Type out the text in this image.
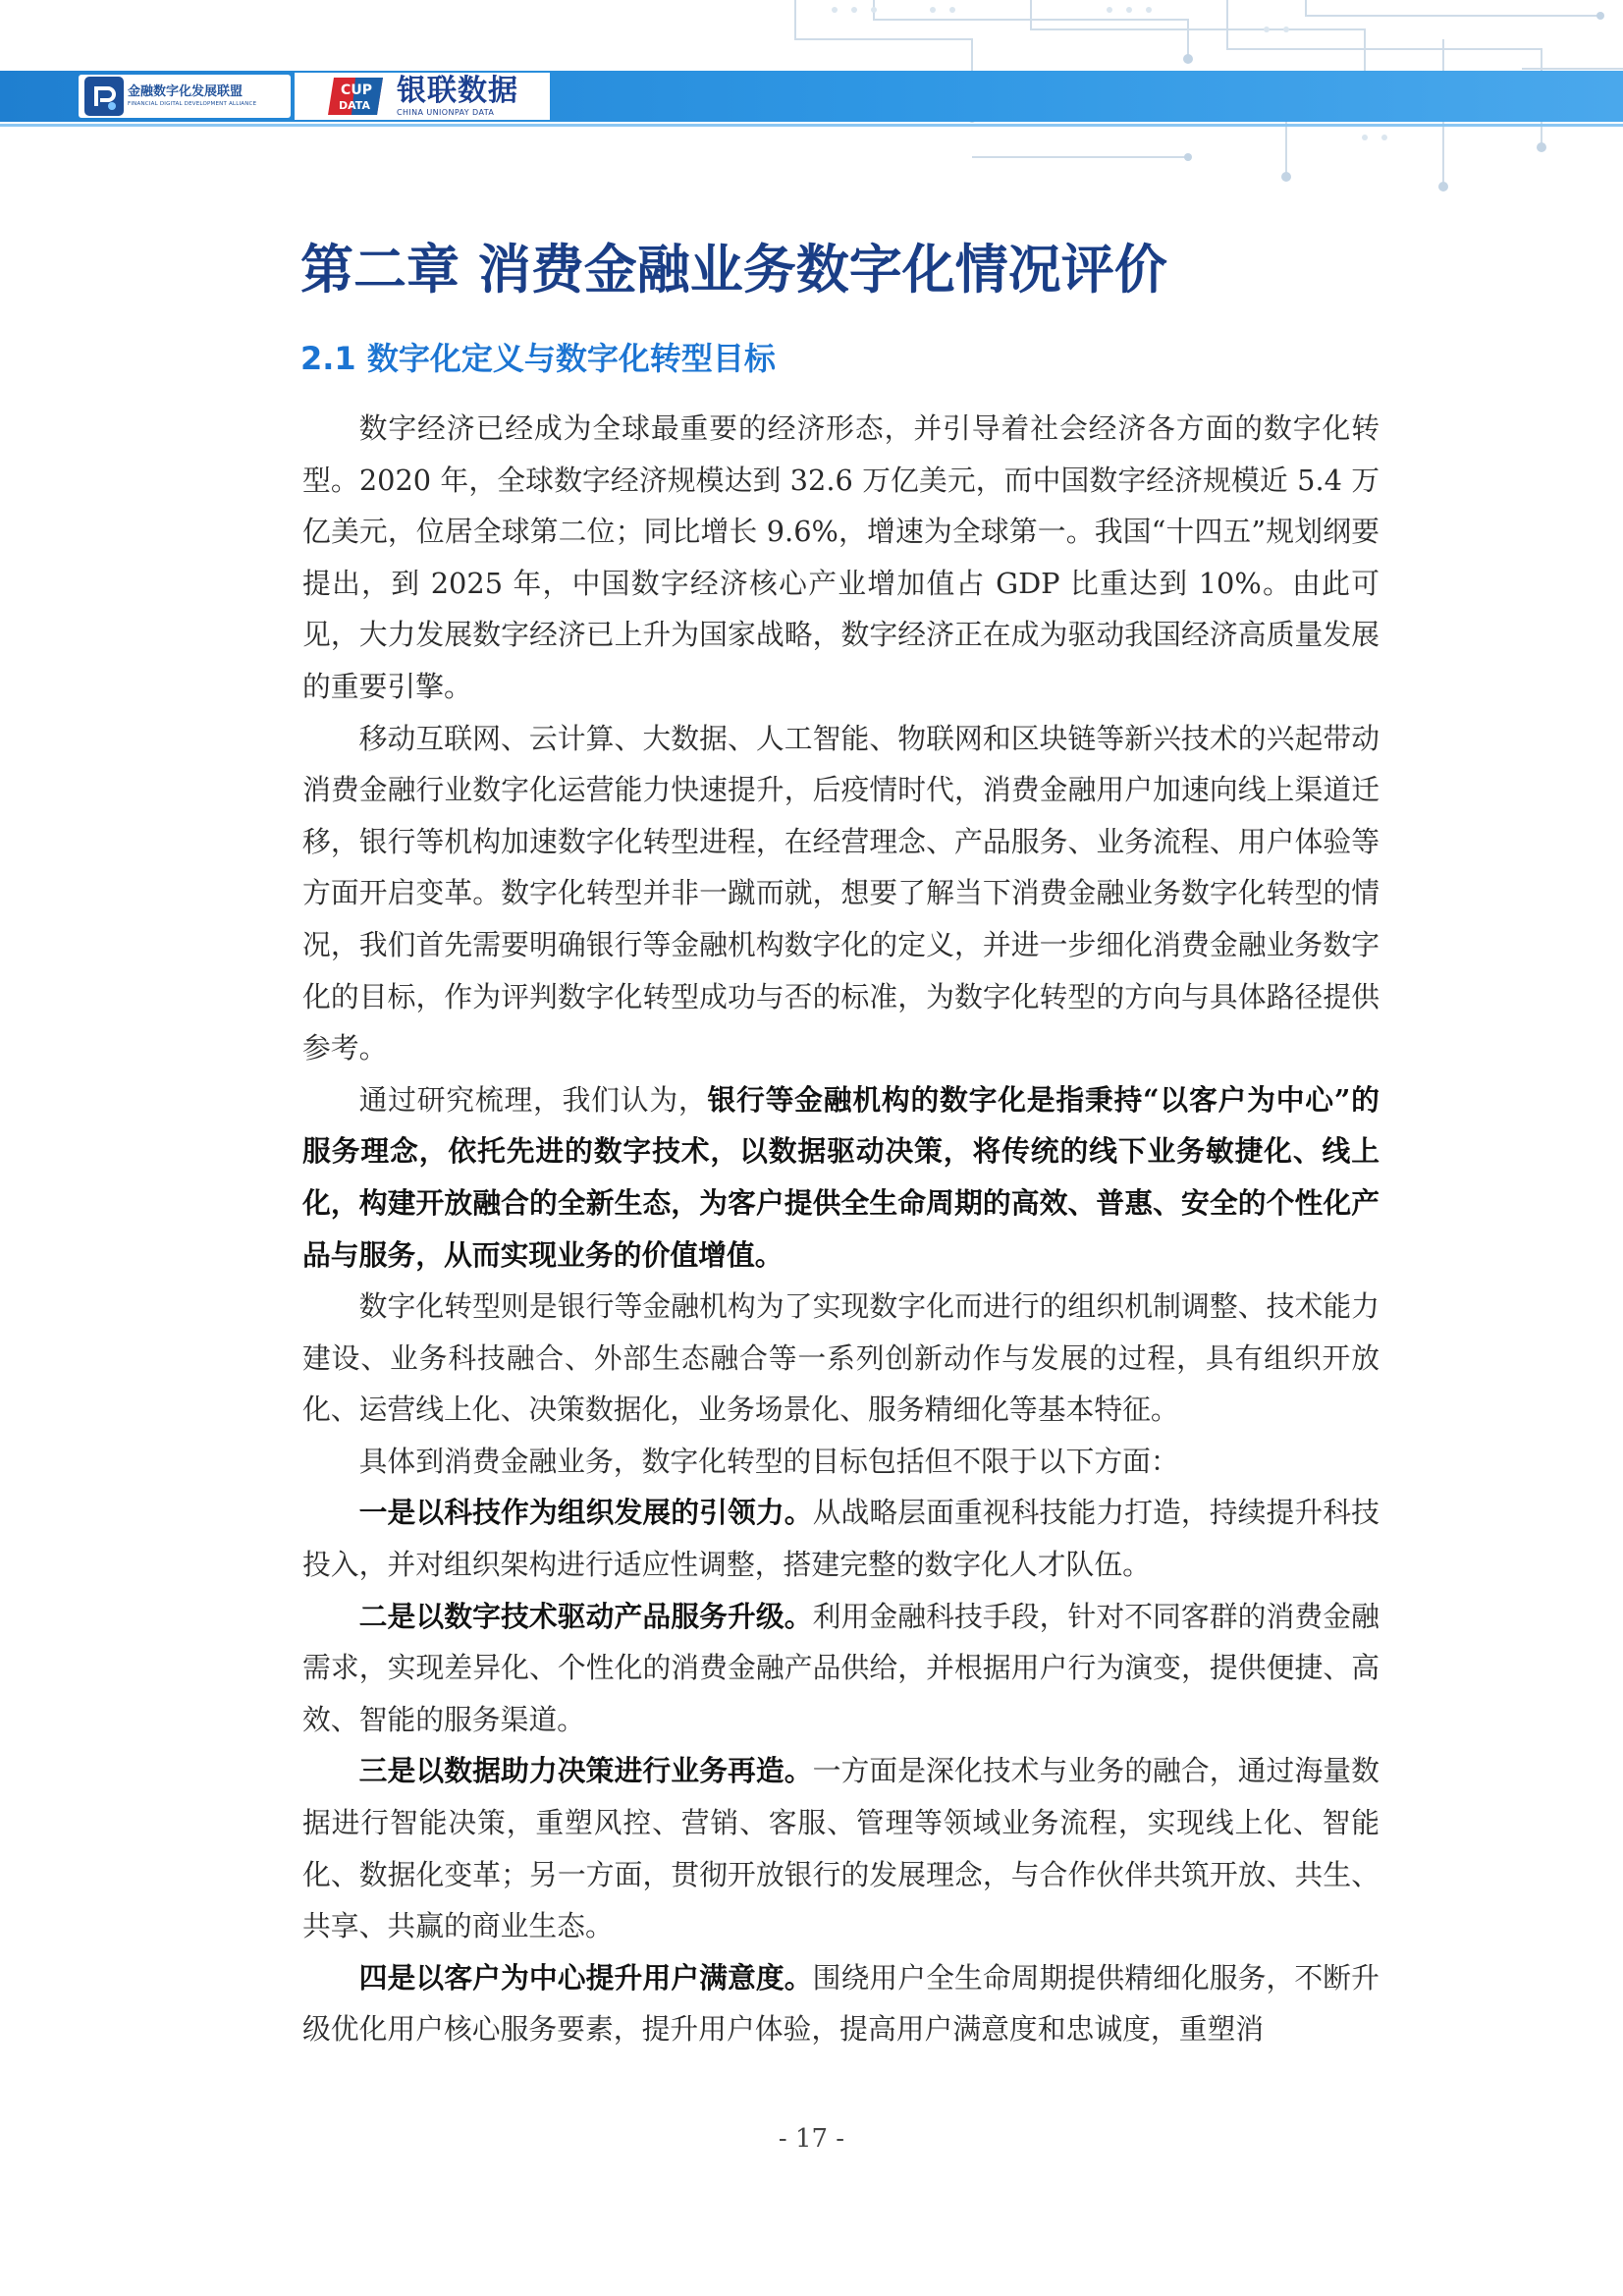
金融数字化发展联盟
FINANCIAL DIGITAL DEVELOPMENT ALLIANCE
CUP
DATA 银联数据
CHINA UNIONPAY DATA
第二章 消费金融业务数字化情况评价
2.1 数字化定义与数字化转型目标

数字经济已经成为全球最重要的经济形态，并引导着社会经济各方面的数字化转型。2020 年，全球数字经济规模达到 32.6 万亿美元，而中国数字经济规模近 5.4 万亿美元，位居全球第二位；同比增长 9.6%，增速为全球第一。我国“十四五”规划纲要提出，到 2025 年，中国数字经济核心产业增加值占 GDP 比重达到 10%。由此可见，大力发展数字经济已上升为国家战略，数字经济正在成为驱动我国经济高质量发展的重要引擎。

移动互联网、云计算、大数据、人工智能、物联网和区块链等新兴技术的兴起带动消费金融行业数字化运营能力快速提升，后疫情时代，消费金融用户加速向线上渠道迁移，银行等机构加速数字化转型进程，在经营理念、产品服务、业务流程、用户体验等方面开启变革。数字化转型并非一蹴而就，想要了解当下消费金融业务数字化转型的情况，我们首先需要明确银行等金融机构数字化的定义，并进一步细化消费金融业务数字化的目标，作为评判数字化转型成功与否的标准，为数字化转型的方向与具体路径提供参考。

通过研究梳理，我们认为，银行等金融机构的数字化是指秉持“以客户为中心”的服务理念，依托先进的数字技术，以数据驱动决策，将传统的线下业务敏捷化、线上化，构建开放融合的全新生态，为客户提供全生命周期的高效、普惠、安全的个性化产品与服务，从而实现业务的价值增值。

数字化转型则是银行等金融机构为了实现数字化而进行的组织机制调整、技术能力建设、业务科技融合、外部生态融合等一系列创新动作与发展的过程，具有组织开放化、运营线上化、决策数据化，业务场景化、服务精细化等基本特征。

具体到消费金融业务，数字化转型的目标包括但不限于以下方面：

一是以科技作为组织发展的引领力。从战略层面重视科技能力打造，持续提升科技投入，并对组织架构进行适应性调整，搭建完整的数字化人才队伍。

二是以数字技术驱动产品服务升级。利用金融科技手段，针对不同客群的消费金融需求，实现差异化、个性化的消费金融产品供给，并根据用户行为演变，提供便捷、高效、智能的服务渠道。

三是以数据助力决策进行业务再造。一方面是深化技术与业务的融合，通过海量数据进行智能决策，重塑风控、营销、客服、管理等领域业务流程，实现线上化、智能化、数据化变革；另一方面，贯彻开放银行的发展理念，与合作伙伴共筑开放、共生、共享、共赢的商业生态。

四是以客户为中心提升用户满意度。围绕用户全生命周期提供精细化服务，不断升级优化用户核心服务要素，提升用户体验，提高用户满意度和忠诚度，重塑消

- 17 -
